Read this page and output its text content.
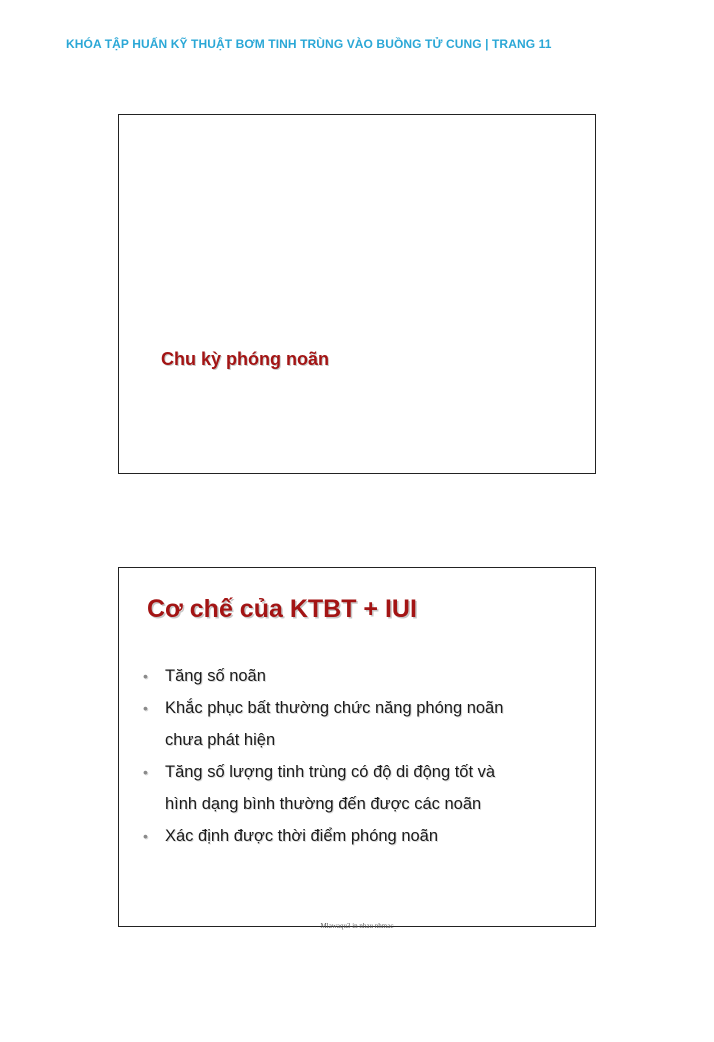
KHÓA TẬP HUẤN KỸ THUẬT BƠM TINH TRÙNG VÀO BUỒNG TỬ CUNG | TRANG 11
Chu kỳ phóng noãn
Cơ chế của KTBT + IUI
• Tăng số noãn
• Khắc phục bất thường chức năng phóng noãn
chưa phát hiện
• Tăng số lượng tinh trùng có độ di động tốt và
hình dạng bình thường đến được các noãn
• Xác định được thời điểm phóng noãn
Mlawaqu3 in nhau nhmac
